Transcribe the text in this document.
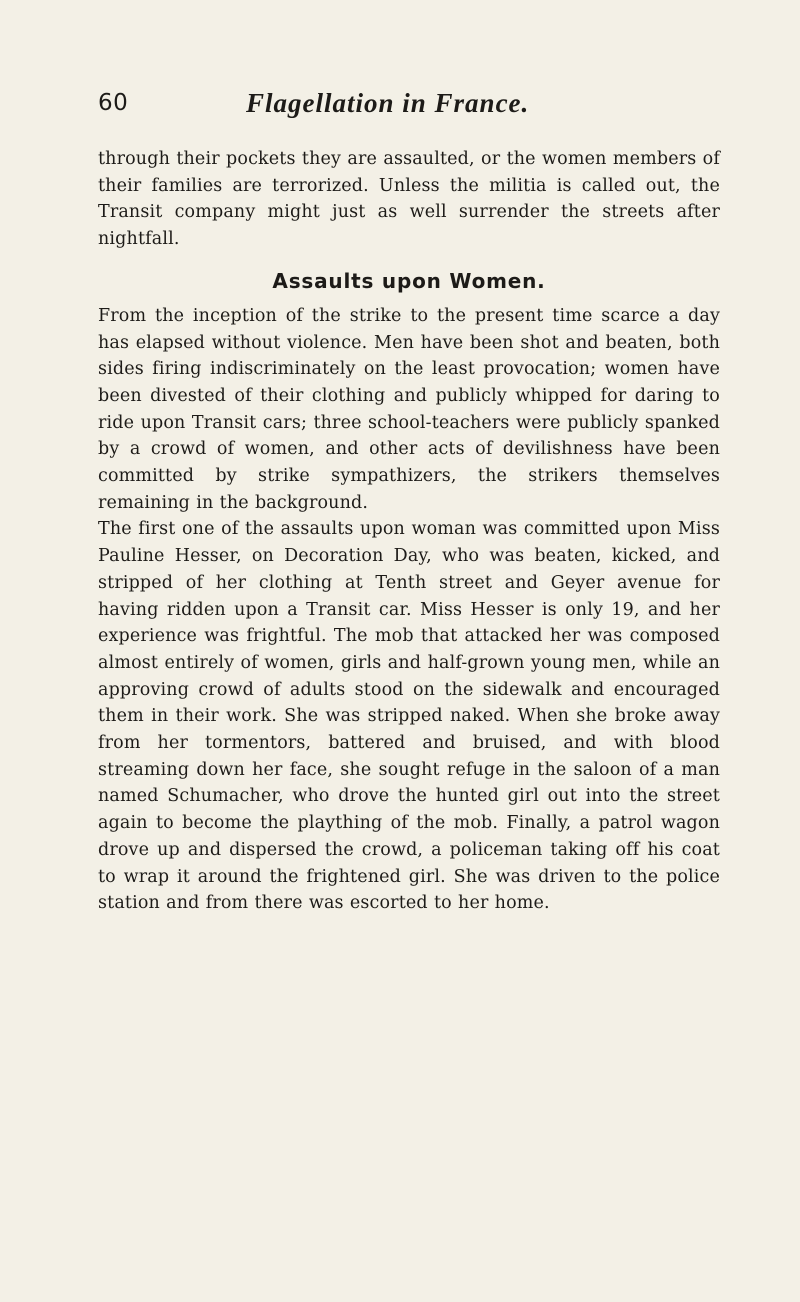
60	Flagellation in France.

through their pockets they are assaulted, or the women members of their families are terrorized. Unless the militia is called out, the Transit company might just as well surrender the streets after nightfall.

Assaults upon Women.

From the inception of the strike to the present time scarce a day has elapsed without violence. Men have been shot and beaten, both sides firing indiscriminately on the least provocation; women have been divested of their clothing and publicly whipped for daring to ride upon Transit cars; three school-teachers were publicly spanked by a crowd of women, and other acts of devilishness have been committed by strike sympathizers, the strikers themselves remaining in the background.

The first one of the assaults upon woman was committed upon Miss Pauline Hesser, on Decoration Day, who was beaten, kicked, and stripped of her clothing at Tenth street and Geyer avenue for having ridden upon a Transit car. Miss Hesser is only 19, and her experience was frightful. The mob that attacked her was composed almost entirely of women, girls and half-grown young men, while an approving crowd of adults stood on the sidewalk and encouraged them in their work. She was stripped naked. When she broke away from her tormentors, battered and bruised, and with blood streaming down her face, she sought refuge in the saloon of a man named Schumacher, who drove the hunted girl out into the street again to become the plaything of the mob. Finally, a patrol wagon drove up and dispersed the crowd, a policeman taking off his coat to wrap it around the frightened girl. She was driven to the police station and from there was escorted to her home.
